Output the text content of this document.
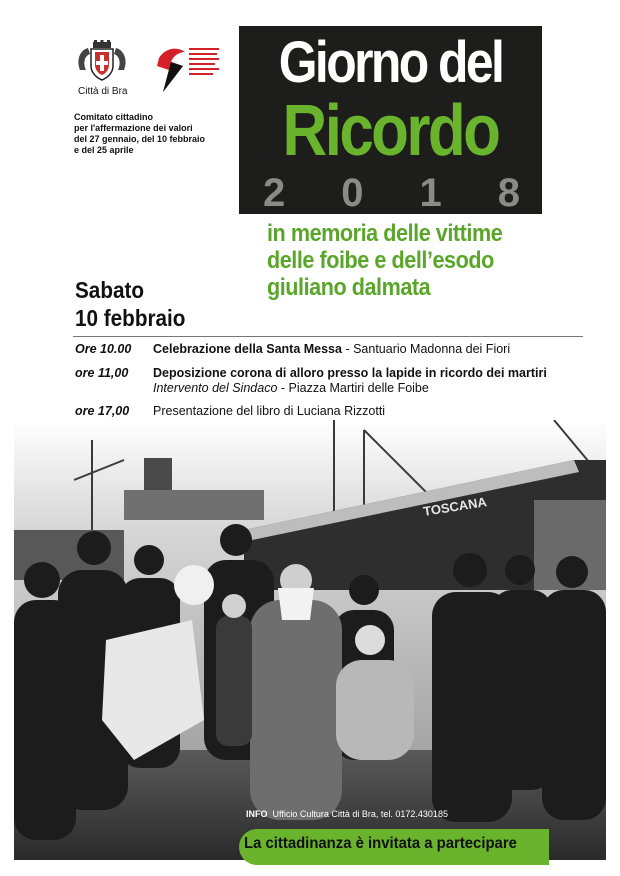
Città di Bra
Comitato cittadino
per l'affermazione dei valori
del 27 gennaio, del 10 febbraio
e del 25 aprile
Giorno del
Ricordo
2 0 1 8
in memoria delle vittime
delle foibe e dell’esodo
giuliano dalmata
Sabato
10 febbraio
Ore 10.00	Celebrazione della Santa Messa - Santuario Madonna dei Fiori
ore 11,00	Deposizione corona di alloro presso la lapide in ricordo dei martiri
Intervento del Sindaco - Piazza Martiri delle Foibe
ore 17,00	Presentazione del libro di Luciana Rizzotti

TOSCANA
INFO Ufficio Cultura Città di Bra, tel. 0172.430185
La cittadinanza è invitata a partecipare
